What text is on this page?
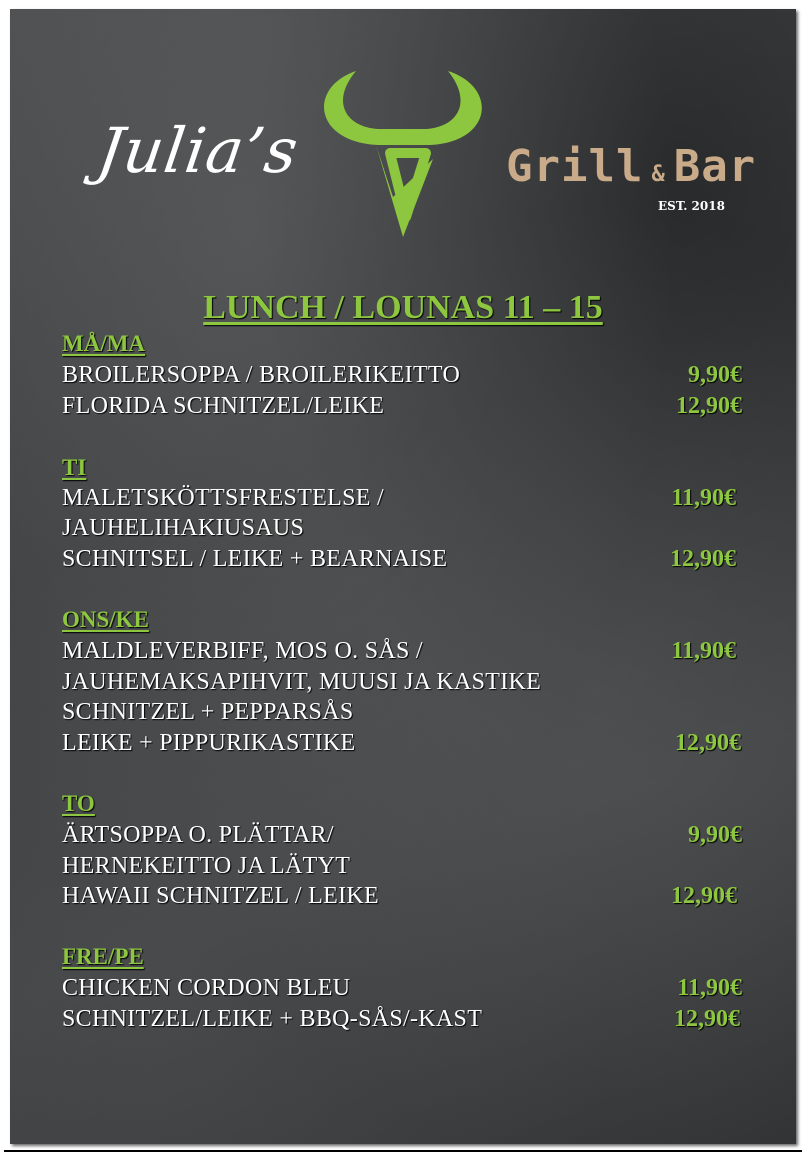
Julia’s	Grill & Bar
EST. 2018
LUNCH / LOUNAS 11 – 15
MÅ/MA
BROILERSOPPA / BROILERIKEITTO	9,90€
FLORIDA SCHNITZEL/LEIKE	12,90€
TI
MALETSKÖTTSFRESTELSE /	11,90€
JAUHELIHAKIUSAUS
SCHNITSEL / LEIKE + BEARNAISE	12,90€
ONS/KE
MALDLEVERBIFF, MOS O. SÅS /	11,90€
JAUHEMAKSAPIHVIT, MUUSI JA KASTIKE
SCHNITZEL + PEPPARSÅS
LEIKE + PIPPURIKASTIKE	12,90€
TO
ÄRTSOPPA O. PLÄTTAR/	9,90€
HERNEKEITTO JA LÄTYT
HAWAII SCHNITZEL / LEIKE	12,90€
FRE/PE
CHICKEN CORDON BLEU	11,90€
SCHNITZEL/LEIKE + BBQ-SÅS/-KAST	12,90€
